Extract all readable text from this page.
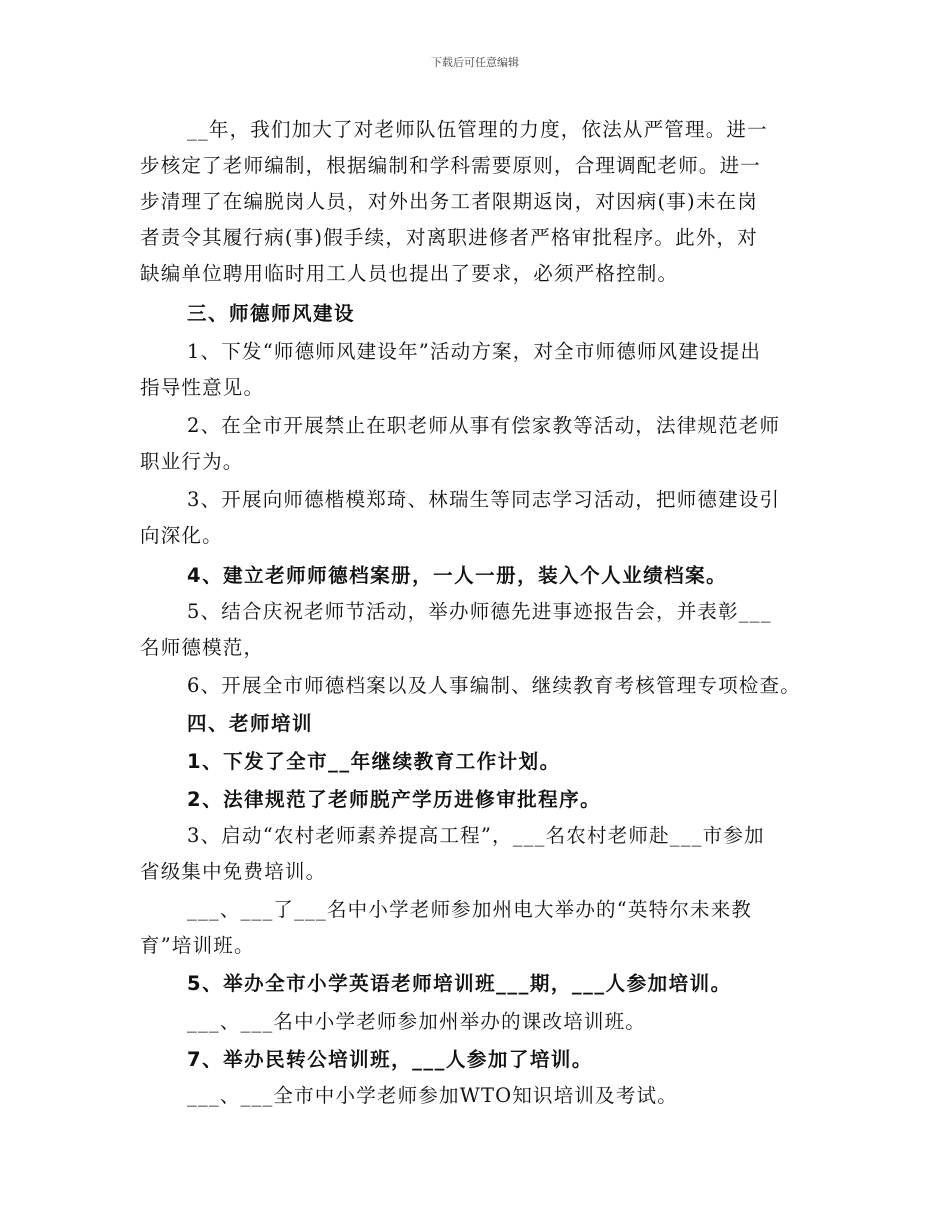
下载后可任意编辑
__年，我们加大了对老师队伍管理的力度，依法从严管理。进一
步核定了老师编制，根据编制和学科需要原则，合理调配老师。进一
步清理了在编脱岗人员，对外出务工者限期返岗，对因病(事)未在岗
者责令其履行病(事)假手续，对离职进修者严格审批程序。此外，对
缺编单位聘用临时用工人员也提出了要求，必须严格控制。
三、师德师风建设
1、下发“师德师风建设年”活动方案，对全市师德师风建设提出
指导性意见。
2、在全市开展禁止在职老师从事有偿家教等活动，法律规范老师
职业行为。
3、开展向师德楷模郑琦、林瑞生等同志学习活动，把师德建设引
向深化。
4、建立老师师德档案册，一人一册，装入个人业绩档案。
5、结合庆祝老师节活动，举办师德先进事迹报告会，并表彰___
名师德模范，
6、开展全市师德档案以及人事编制、继续教育考核管理专项检查。
四、老师培训
1、下发了全市__年继续教育工作计划。
2、法律规范了老师脱产学历进修审批程序。
3、启动“农村老师素养提高工程”，___名农村老师赴___市参加
省级集中免费培训。
___、___了___名中小学老师参加州电大举办的“英特尔未来教
育”培训班。
5、举办全市小学英语老师培训班___期，___人参加培训。
___、___名中小学老师参加州举办的课改培训班。
7、举办民转公培训班，___人参加了培训。
___、___全市中小学老师参加WTO知识培训及考试。
